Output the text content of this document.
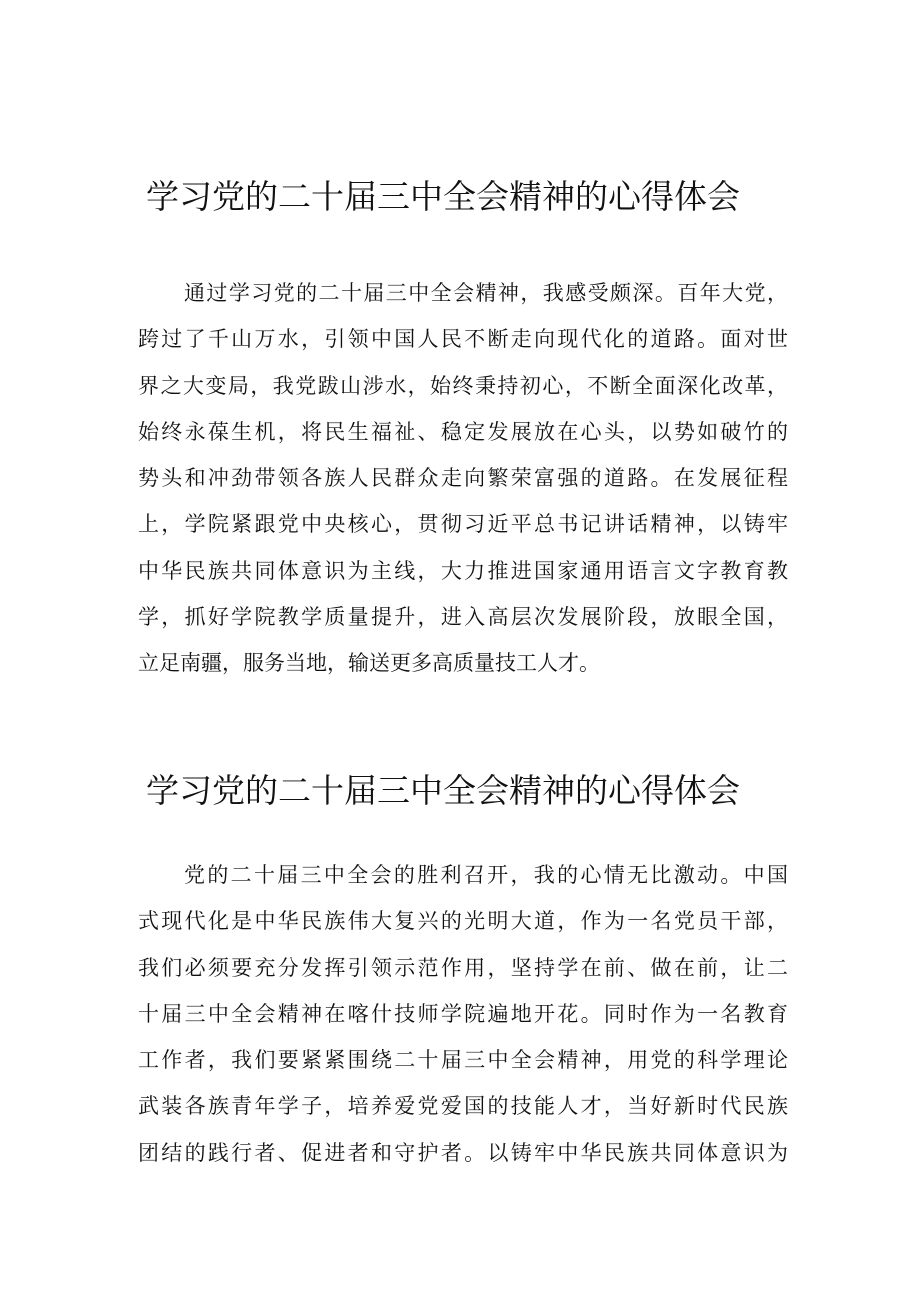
学习党的二十届三中全会精神的心得体会
通过学习党的二十届三中全会精神，我感受颇深。百年大党，
跨过了千山万水，引领中国人民不断走向现代化的道路。面对世
界之大变局，我党跋山涉水，始终秉持初心，不断全面深化改革，
始终永葆生机，将民生福祉、稳定发展放在心头，以势如破竹的
势头和冲劲带领各族人民群众走向繁荣富强的道路。在发展征程
上，学院紧跟党中央核心，贯彻习近平总书记讲话精神，以铸牢
中华民族共同体意识为主线，大力推进国家通用语言文字教育教
学，抓好学院教学质量提升，进入高层次发展阶段，放眼全国，
立足南疆，服务当地，输送更多高质量技工人才。
学习党的二十届三中全会精神的心得体会
党的二十届三中全会的胜利召开，我的心情无比激动。中国
式现代化是中华民族伟大复兴的光明大道，作为一名党员干部，
我们必须要充分发挥引领示范作用，坚持学在前、做在前，让二
十届三中全会精神在喀什技师学院遍地开花。同时作为一名教育
工作者，我们要紧紧围绕二十届三中全会精神，用党的科学理论
武装各族青年学子，培养爱党爱国的技能人才，当好新时代民族
团结的践行者、促进者和守护者。以铸牢中华民族共同体意识为
